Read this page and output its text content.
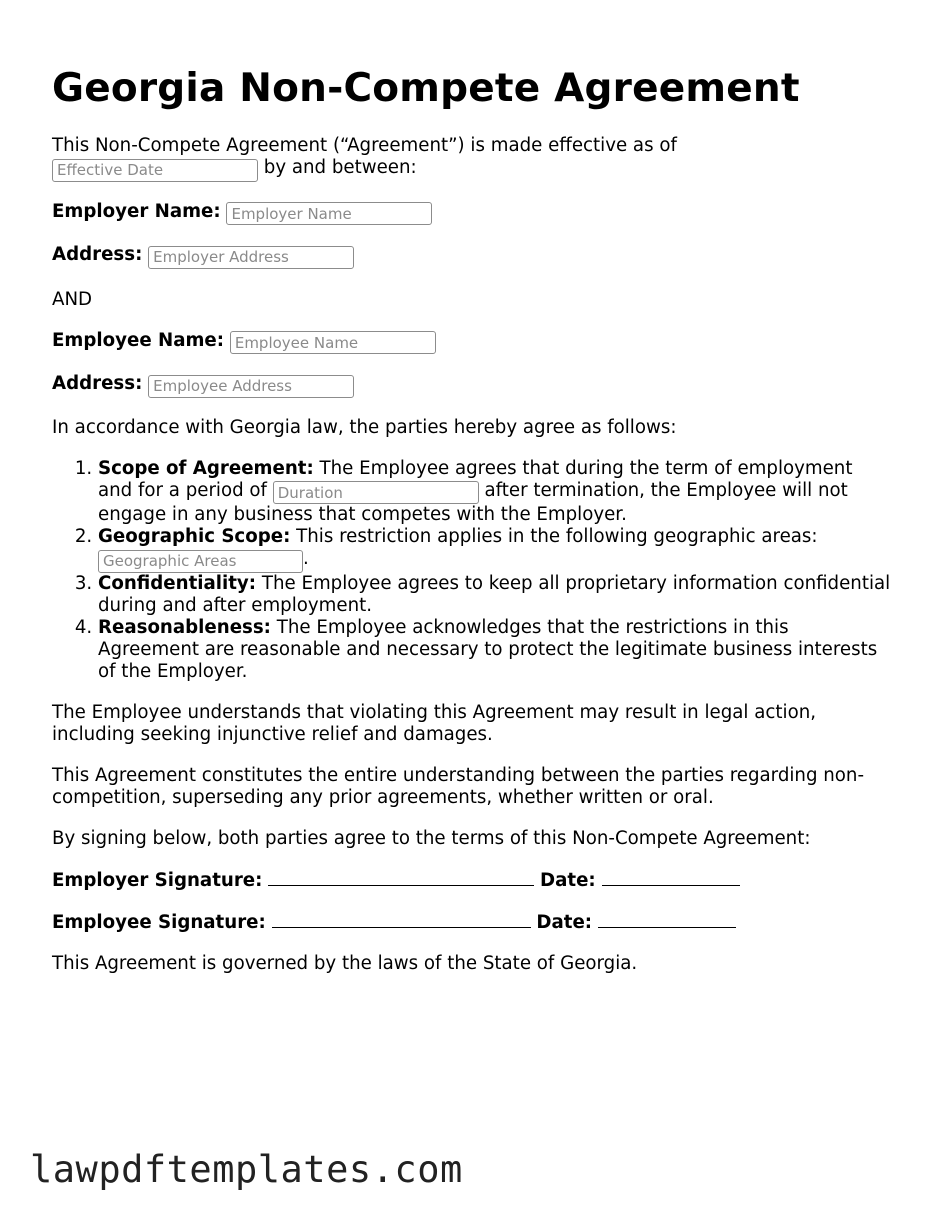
Georgia Non-Compete Agreement

This Non-Compete Agreement (“Agreement”) is made effective as of
Effective Date by and between:

Employer Name: Employer Name

Address: Employer Address

AND

Employee Name: Employee Name

Address: Employee Address

In accordance with Georgia law, the parties hereby agree as follows:

1. Scope of Agreement: The Employee agrees that during the term of employment and for a period of Duration	after termination, the Employee will not engage in any business that competes with the Employer.
2. Geographic Scope: This restriction applies in the following geographic areas: Geographic Areas.
3. Confidentiality: The Employee agrees to keep all proprietary information confidential during and after employment.
4. Reasonableness: The Employee acknowledges that the restrictions in this Agreement are reasonable and necessary to protect the legitimate business interests of the Employer.

The Employee understands that violating this Agreement may result in legal action, including seeking injunctive relief and damages.

This Agreement constitutes the entire understanding between the parties regarding non-competition, superseding any prior agreements, whether written or oral.

By signing below, both parties agree to the terms of this Non-Compete Agreement:

Employer Signature:	Date:

Employee Signature:	Date:

This Agreement is governed by the laws of the State of Georgia.

lawpdftemplates.com
